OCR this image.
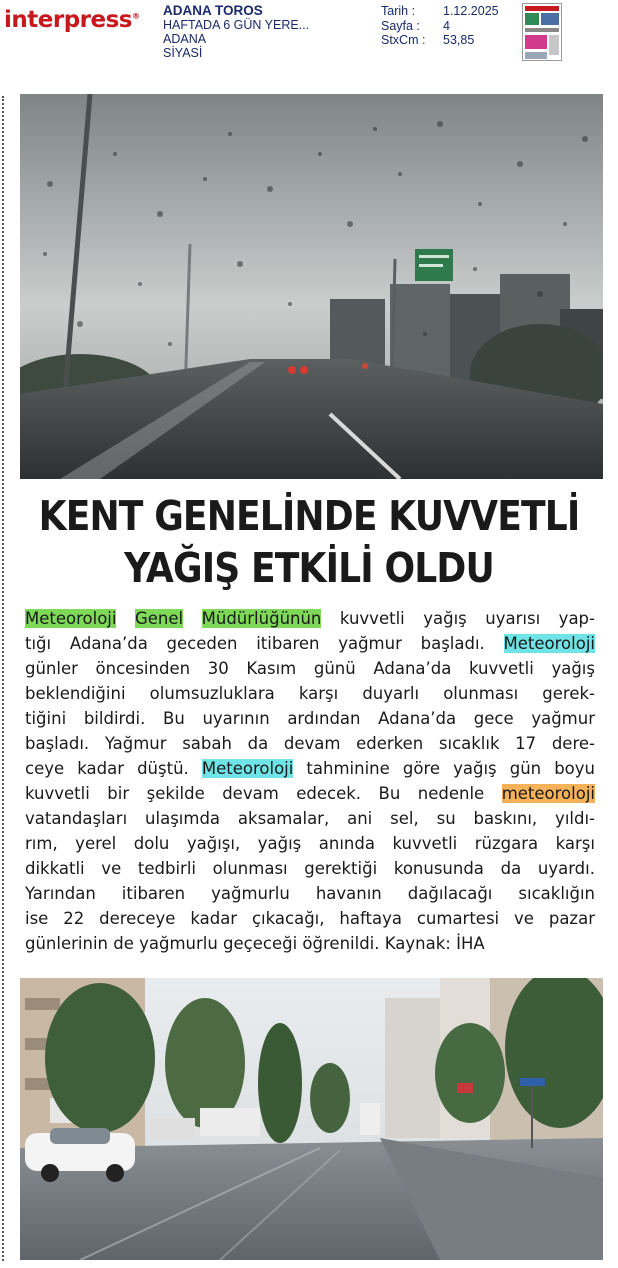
interpress® ADANA TOROS
HAFTADA 6 GÜN YERE...
ADANA
SİYASİ
Tarih :	1.12.2025
Sayfa :	4
StxCm :	53,85
KENT GENELİNDE KUVVETLİ
YAĞIŞ ETKİLİ OLDU
Meteoroloji Genel Müdürlüğünün kuvvetli yağış uyarısı yap-
tığı Adana’da geceden itibaren yağmur başladı. Meteoroloji
günler öncesinden 30 Kasım günü Adana’da kuvvetli yağış
beklendiğini olumsuzluklara karşı duyarlı olunması gerek-
tiğini bildirdi. Bu uyarının ardından Adana’da gece yağmur
başladı. Yağmur sabah da devam ederken sıcaklık 17 dere-
ceye kadar düştü. Meteoroloji tahminine göre yağış gün boyu
kuvvetli bir şekilde devam edecek. Bu nedenle meteoroloji
vatandaşları ulaşımda aksamalar, ani sel, su baskını, yıldı-
rım, yerel dolu yağışı, yağış anında kuvvetli rüzgara karşı
dikkatli ve tedbirli olunması gerektiği konusunda da uyardı.
Yarından itibaren yağmurlu havanın dağılacağı sıcaklığın
ise 22 dereceye kadar çıkacağı, haftaya cumartesi ve pazar
günlerinin de yağmurlu geçeceği öğrenildi. Kaynak: İHA
